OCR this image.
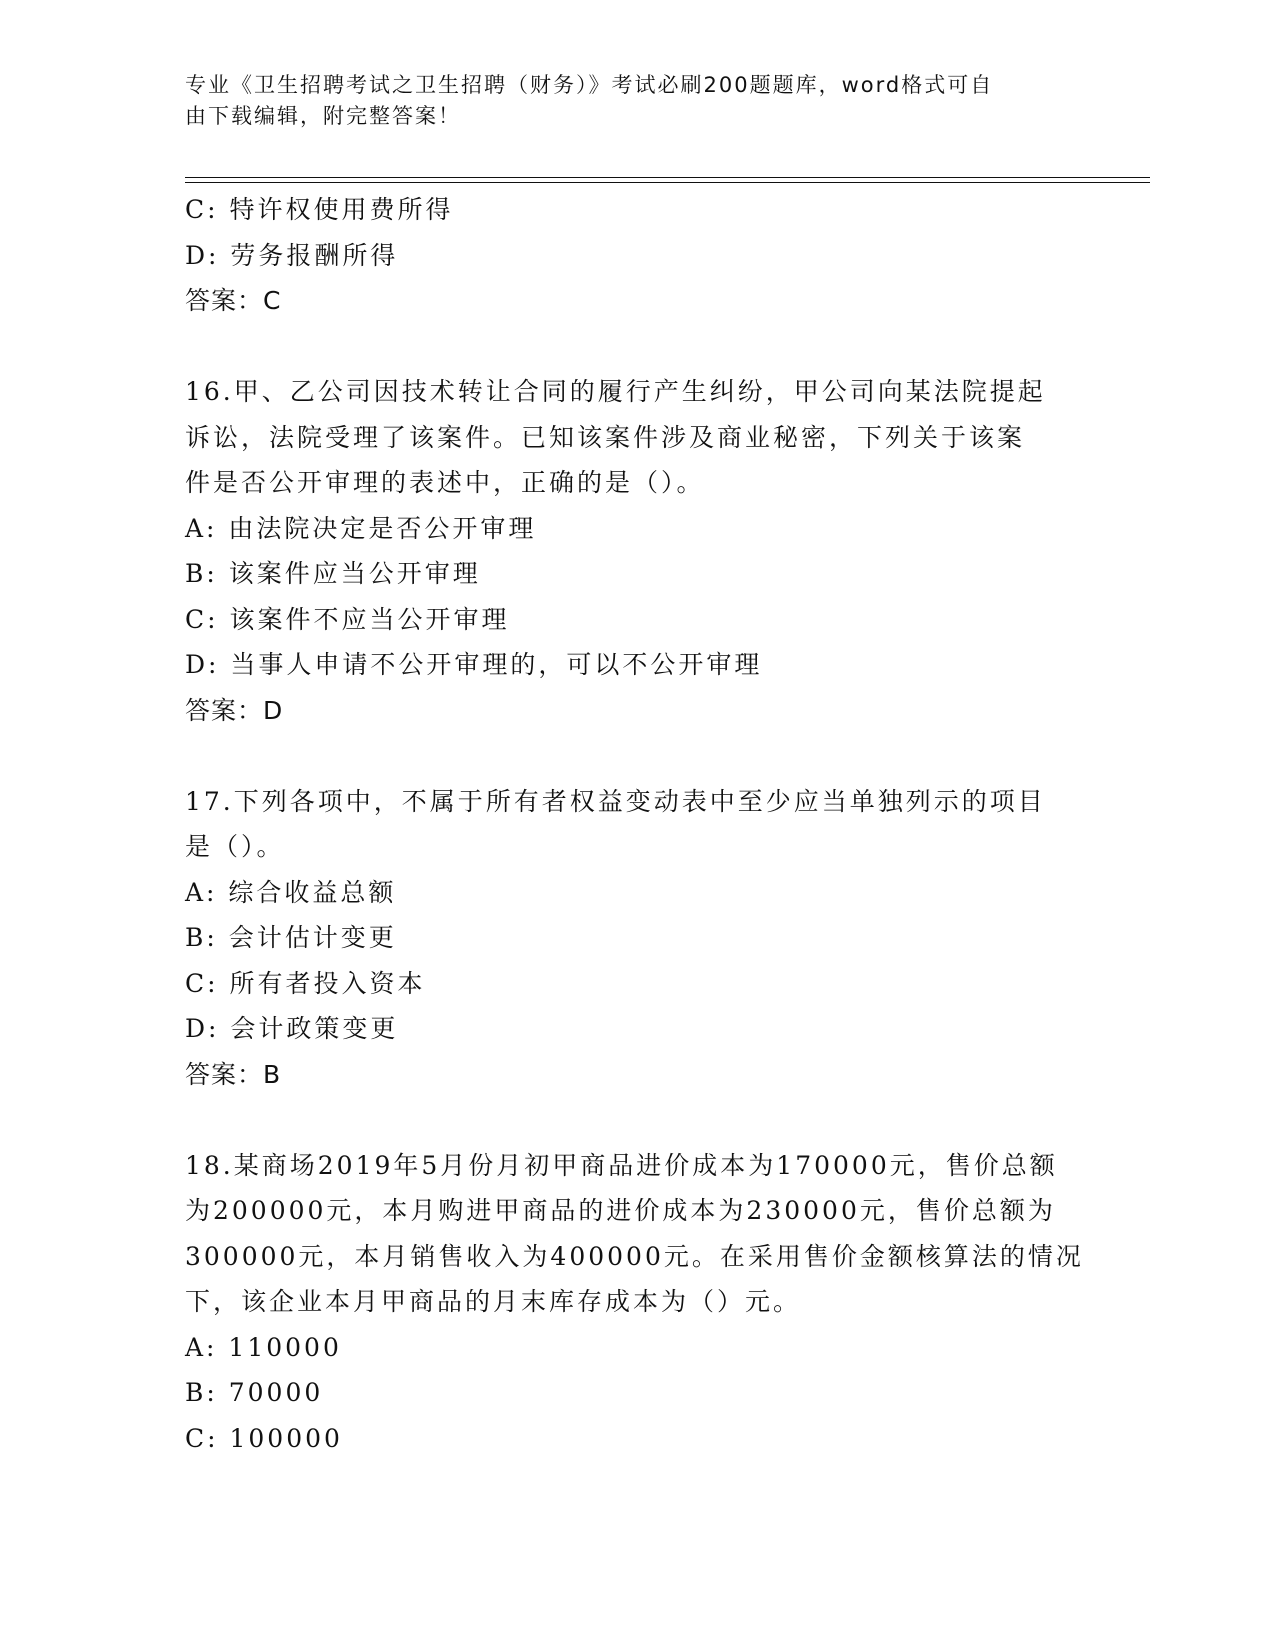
专业《卫生招聘考试之卫生招聘（财务）》考试必刷200题题库，word格式可自
由下载编辑，附完整答案！
C: 特许权使用费所得
D: 劳务报酬所得
答案：C
16.甲、乙公司因技术转让合同的履行产生纠纷，甲公司向某法院提起
诉讼，法院受理了该案件。已知该案件涉及商业秘密，下列关于该案
件是否公开审理的表述中，正确的是（）。
A: 由法院决定是否公开审理
B: 该案件应当公开审理
C: 该案件不应当公开审理
D: 当事人申请不公开审理的，可以不公开审理
答案：D
17.下列各项中，不属于所有者权益变动表中至少应当单独列示的项目
是（）。
A: 综合收益总额
B: 会计估计变更
C: 所有者投入资本
D: 会计政策变更
答案：B
18.某商场2019年5月份月初甲商品进价成本为170000元，售价总额
为200000元，本月购进甲商品的进价成本为230000元，售价总额为
300000元，本月销售收入为400000元。在采用售价金额核算法的情况
下，该企业本月甲商品的月末库存成本为（）元。
A: 110000
B: 70000
C: 100000
